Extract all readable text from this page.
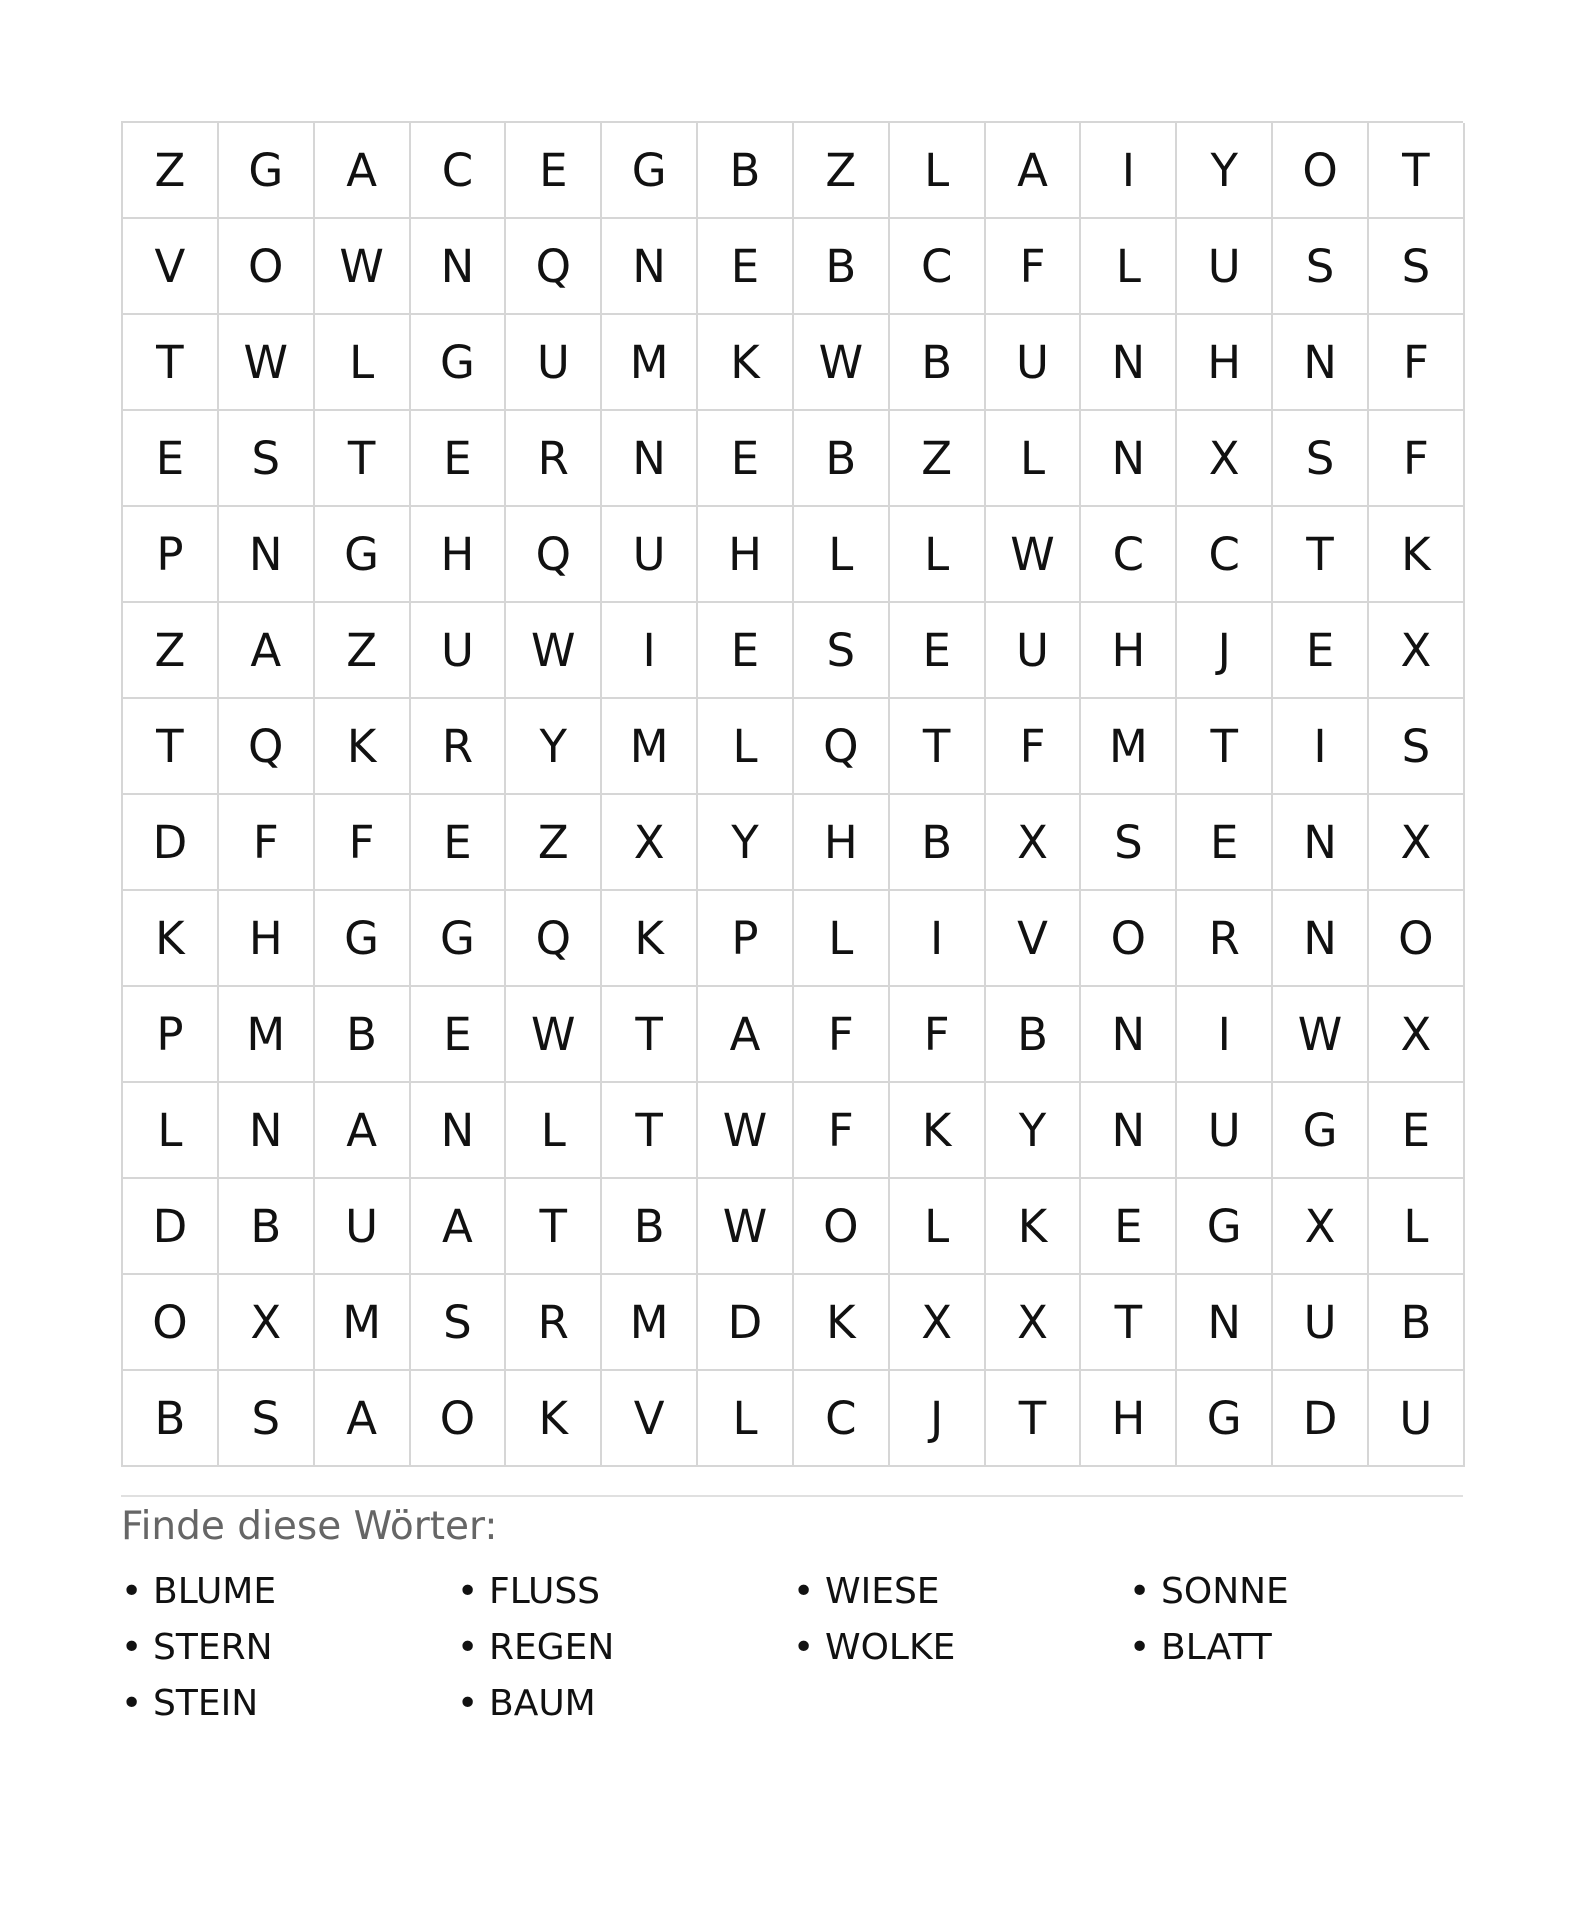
Z	G	A	C	E	G	B	Z	L	A	I	Y	O	T
V	O	W	N	Q	N	E	B	C	F	L	U	S	S
T	W	L	G	U	M	K	W	B	U	N	H	N	F
E	S	T	E	R	N	E	B	Z	L	N	X	S	F
P	N	G	H	Q	U	H	L	L	W	C	C	T	K
Z	A	Z	U	W	I	E	S	E	U	H	J	E	X
T	Q	K	R	Y	M	L	Q	T	F	M	T	I	S
D	F	F	E	Z	X	Y	H	B	X	S	E	N	X
K	H	G	G	Q	K	P	L	I	V	O	R	N	O
P	M	B	E	W	T	A	F	F	B	N	I	W	X
L	N	A	N	L	T	W	F	K	Y	N	U	G	E
D	B	U	A	T	B	W	O	L	K	E	G	X	L
O	X	M	S	R	M	D	K	X	X	T	N	U	B
B	S	A	O	K	V	L	C	J	T	H	G	D	U
Finde diese Wörter:
• BLUME	• FLUSS	• WIESE	• SONNE
• STERN	• REGEN	• WOLKE	• BLATT
• STEIN	• BAUM
